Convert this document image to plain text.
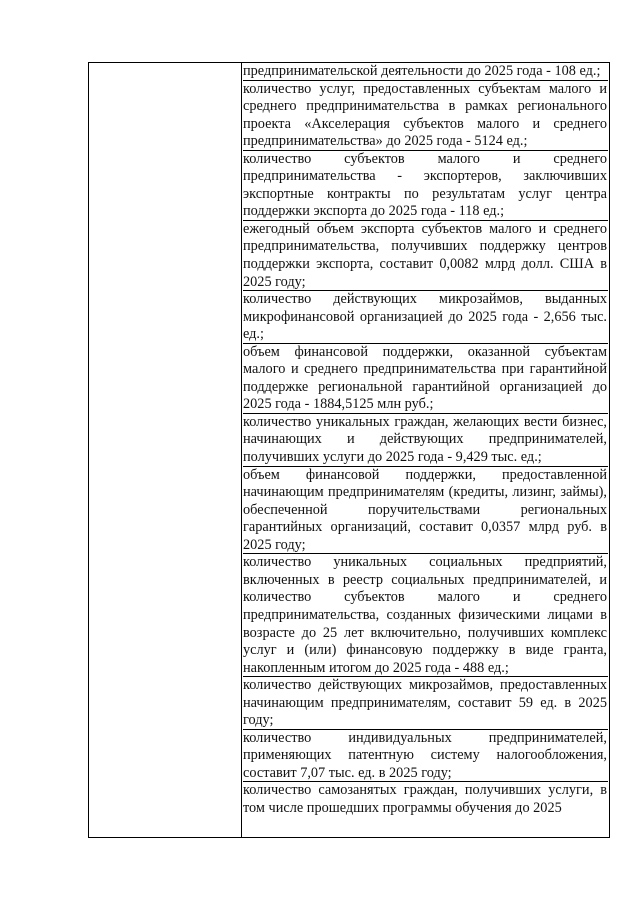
предпринимательской деятельности до 2025 года - 108 ед.;

количество услуг, предоставленных субъектам малого и среднего предпринимательства в рамках регионального проекта «Акселерация субъектов малого и среднего предпринимательства» до 2025 года - 5124 ед.;

количество субъектов малого и среднего предпринимательства - экспортеров, заключивших экспортные контракты по результатам услуг центра поддержки экспорта до 2025 года - 118 ед.;

ежегодный объем экспорта субъектов малого и среднего предпринимательства, получивших поддержку центров поддержки экспорта, составит 0,0082 млрд долл. США в 2025 году;

количество действующих микрозаймов, выданных микрофинансовой организацией до 2025 года - 2,656 тыс. ед.;

объем финансовой поддержки, оказанной субъектам малого и среднего предпринимательства при гарантийной поддержке региональной гарантийной организацией до 2025 года - 1884,5125 млн руб.;

количество уникальных граждан, желающих вести бизнес, начинающих и действующих предпринимателей, получивших услуги до 2025 года - 9,429 тыс. ед.;

объем финансовой поддержки, предоставленной начинающим предпринимателям (кредиты, лизинг, займы), обеспеченной поручительствами региональных гарантийных организаций, составит 0,0357 млрд руб. в 2025 году;

количество уникальных социальных предприятий, включенных в реестр социальных предпринимателей, и количество субъектов малого и среднего предпринимательства, созданных физическими лицами в возрасте до 25 лет включительно, получивших комплекс услуг и (или) финансовую поддержку в виде гранта, накопленным итогом до 2025 года - 488 ед.;

количество действующих микрозаймов, предоставленных начинающим предпринимателям, составит 59 ед. в 2025 году;

количество индивидуальных предпринимателей, применяющих патентную систему налогообложения, составит 7,07 тыс. ед. в 2025 году;

количество самозанятых граждан, получивших услуги, в том числе прошедших программы обучения до 2025
